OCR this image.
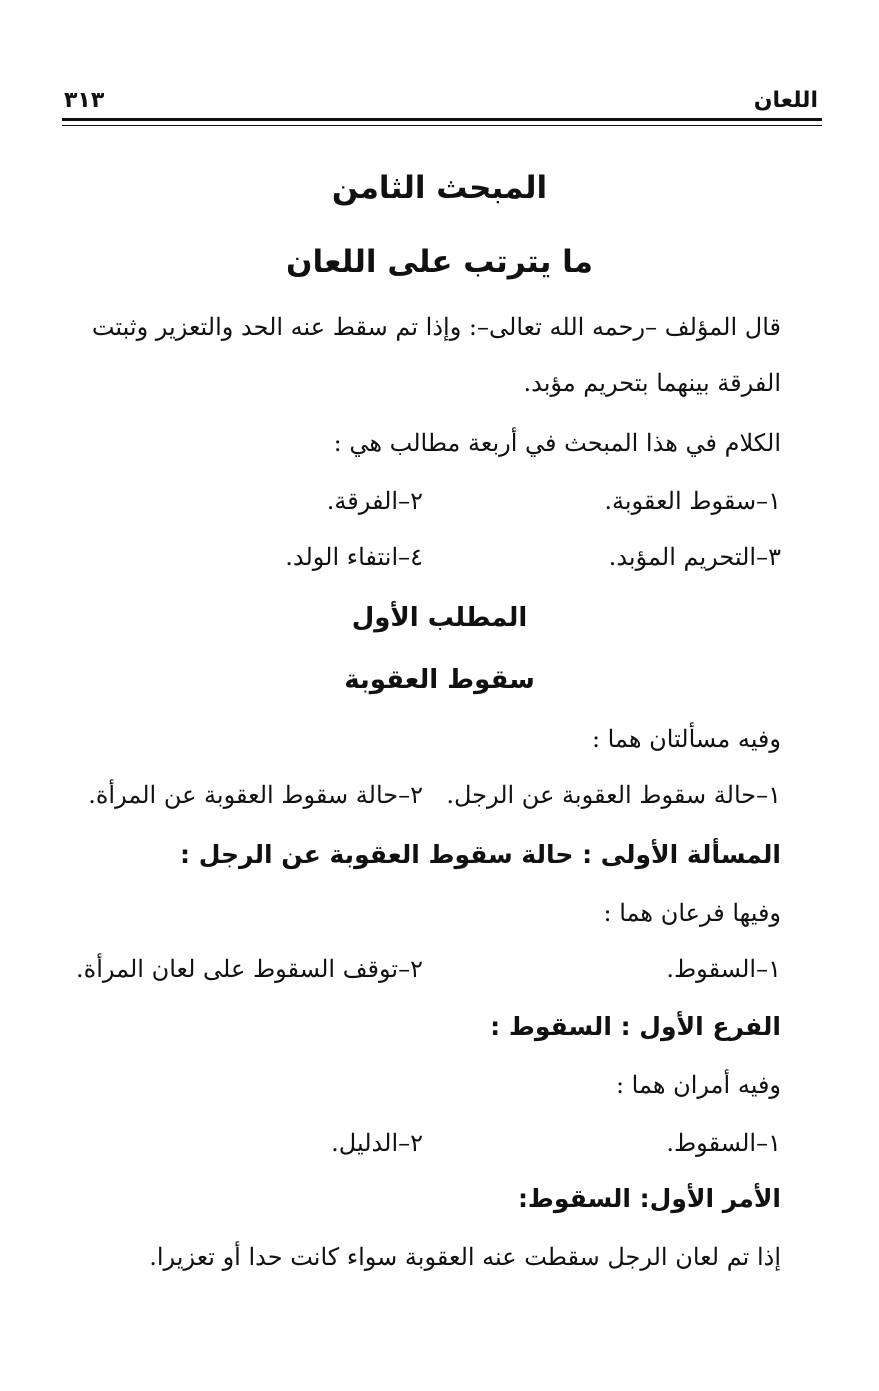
اللعان
٣١٣
المبحث الثامن
ما يترتب على اللعان
قال المؤلف –رحمه الله تعالى–: وإذا تم سقط عنه الحد والتعزير وثبتت
الفرقة بينهما بتحريم مؤبد.
الكلام في هذا المبحث في أربعة مطالب هي :
١–سقوط العقوبة.
٢–الفرقة.
٣–التحريم المؤبد.
٤–انتفاء الولد.
المطلب الأول
سقوط العقوبة
وفيه مسألتان هما :
١–حالة سقوط العقوبة عن الرجل.
٢–حالة سقوط العقوبة عن المرأة.
المسألة الأولى : حالة سقوط العقوبة عن الرجل :
وفيها فرعان هما :
١–السقوط.
٢–توقف السقوط على لعان المرأة.
الفرع الأول : السقوط :
وفيه أمران هما :
١–السقوط.
٢–الدليل.
الأمر الأول: السقوط:
إذا تم لعان الرجل سقطت عنه العقوبة سواء كانت حدا أو تعزيرا.
